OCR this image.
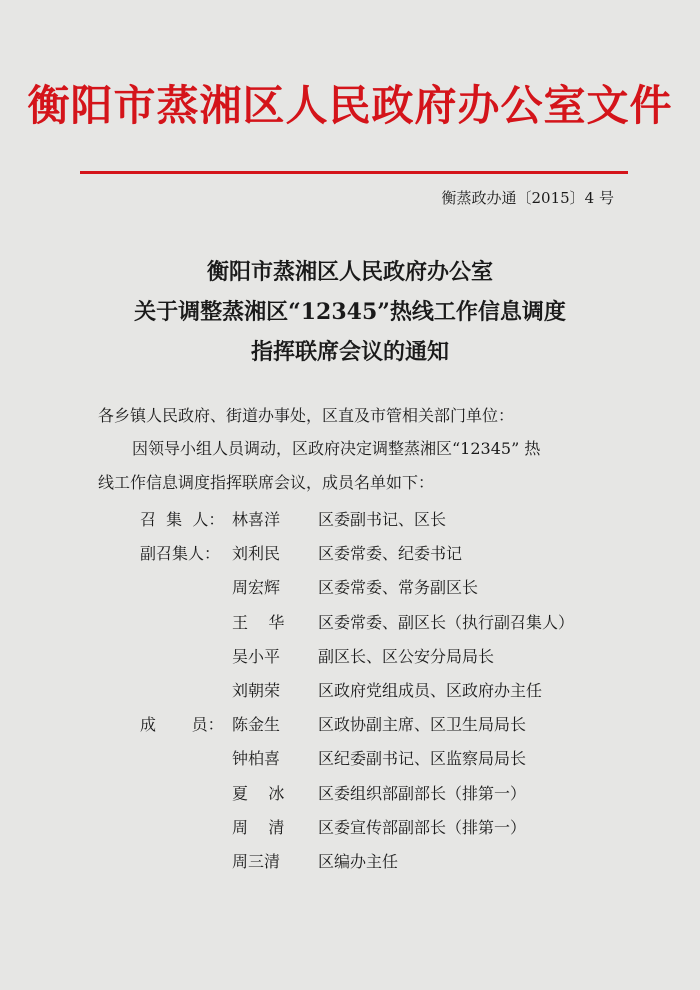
衡阳市蒸湘区人民政府办公室文件
衡蒸政办通〔2015〕4 号
衡阳市蒸湘区人民政府办公室
关于调整蒸湘区“12345”热线工作信息调度
指挥联席会议的通知
各乡镇人民政府、街道办事处，区直及市管相关部门单位：
因领导小组人员调动，区政府决定调整蒸湘区“12345” 热
线工作信息调度指挥联席会议，成员名单如下：
召  集  人： 林喜洋	区委副书记、区长
副召集人： 刘利民	区委常委、纪委书记
周宏辉	区委常委、常务副区长
王    华	区委常委、副区长（执行副召集人）
吴小平	副区长、区公安分局局长
刘朝荣	区政府党组成员、区政府办主任
成       员： 陈金生	区政协副主席、区卫生局局长
钟柏喜	区纪委副书记、区监察局局长
夏    冰	区委组织部副部长（排第一）
周    清	区委宣传部副部长（排第一）
周三清	区编办主任
